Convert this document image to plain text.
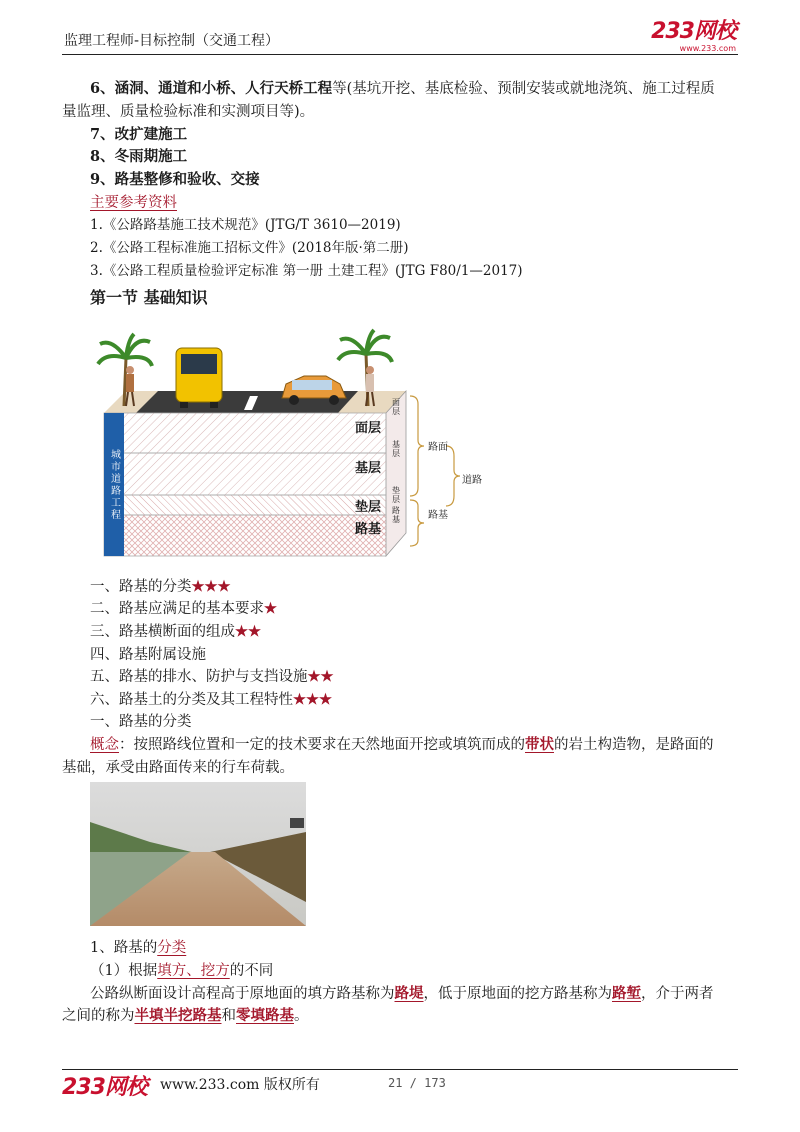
监理工程师-目标控制（交通工程）	233网校
www.233.com
6、涵洞、通道和小桥、人行天桥工程等(基坑开挖、基底检验、预制安装或就地浇筑、施工过程质
量监理、质量检验标准和实测项目等)。
7、改扩建施工
8、冬雨期施工
9、路基整修和验收、交接
主要参考资料
1.《公路路基施工技术规范》(JTG/T 3610—2019)
2.《公路工程标准施工招标文件》(2018年版·第二册)
3.《公路工程质量检验评定标准 第一册 土建工程》(JTG F80/1—2017)
第一节 基础知识
城市道路工程
面层
基层
垫层
路基
面层
基层
垫层
路基
路面
道路
路基
一、路基的分类★★★
二、路基应满足的基本要求★
三、路基横断面的组成★★
四、路基附属设施
五、路基的排水、防护与支挡设施★★
六、路基土的分类及其工程特性★★★
一、路基的分类
概念：按照路线位置和一定的技术要求在天然地面开挖或填筑而成的带状的岩土构造物，是路面的
基础，承受由路面传来的行车荷载。
1、路基的分类
（1）根据填方、挖方的不同
公路纵断面设计高程高于原地面的填方路基称为路堤，低于原地面的挖方路基称为路堑，介于两者
之间的称为半填半挖路基和零填路基。
233网校 www.233.com 版权所有	21 / 173
